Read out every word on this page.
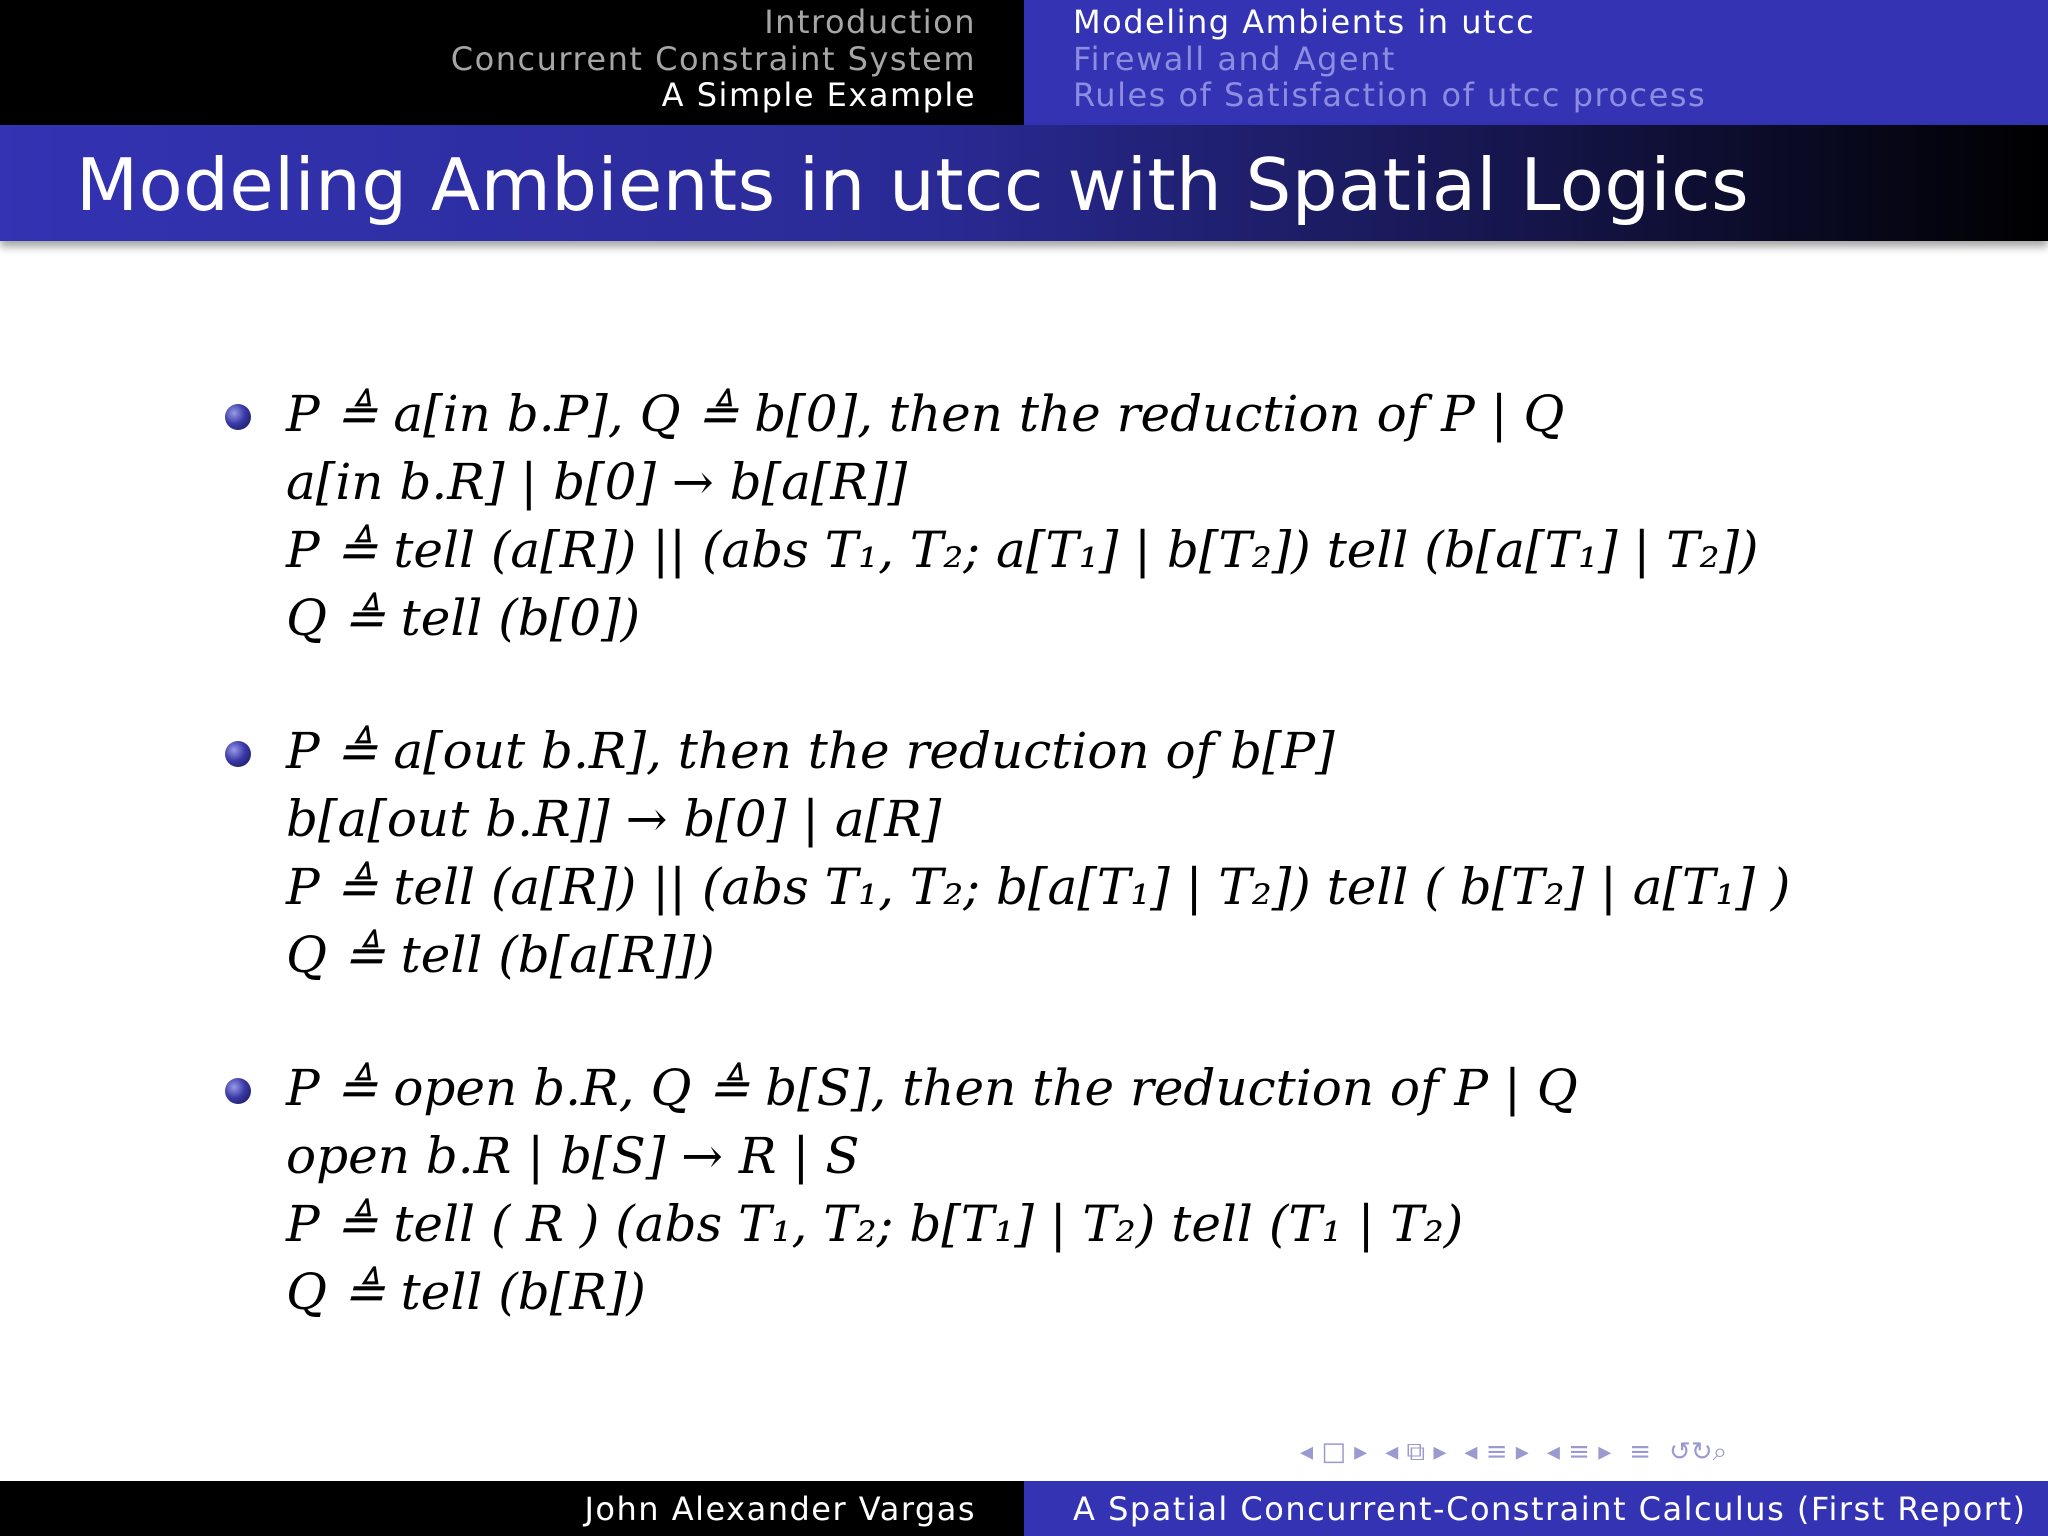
Introduction
Concurrent Constraint System
A Simple Example
Modeling Ambients in utcc
Firewall and Agent
Rules of Satisfaction of utcc process
Modeling Ambients in utcc with Spatial Logics
P ≜ a[in b.P], Q ≜ b[0], then the reduction of P | Q
a[in b.R] | b[0] → b[a[R]]
P ≜ tell (a[R]) || (abs T₁, T₂; a[T₁] | b[T₂]) tell (b[a[T₁] | T₂])
Q ≜ tell (b[0])
P ≜ a[out b.R], then the reduction of b[P]
b[a[out b.R]] → b[0] | a[R]
P ≜ tell (a[R]) || (abs T₁, T₂; b[a[T₁] | T₂]) tell ( b[T₂] | a[T₁] )
Q ≜ tell (b[a[R]])
P ≜ open b.R, Q ≜ b[S], then the reduction of P | Q
open b.R | b[S] → R | S
P ≜ tell ( R ) (abs T₁, T₂; b[T₁] | T₂) tell (T₁ | T₂)
Q ≜ tell (b[R])
◂ □ ▸ ◂ ⧉ ▸ ◂ ≡ ▸ ◂ ≡ ▸ ≡ ↺↻⌕
John Alexander Vargas	A Spatial Concurrent-Constraint Calculus (First Report)
